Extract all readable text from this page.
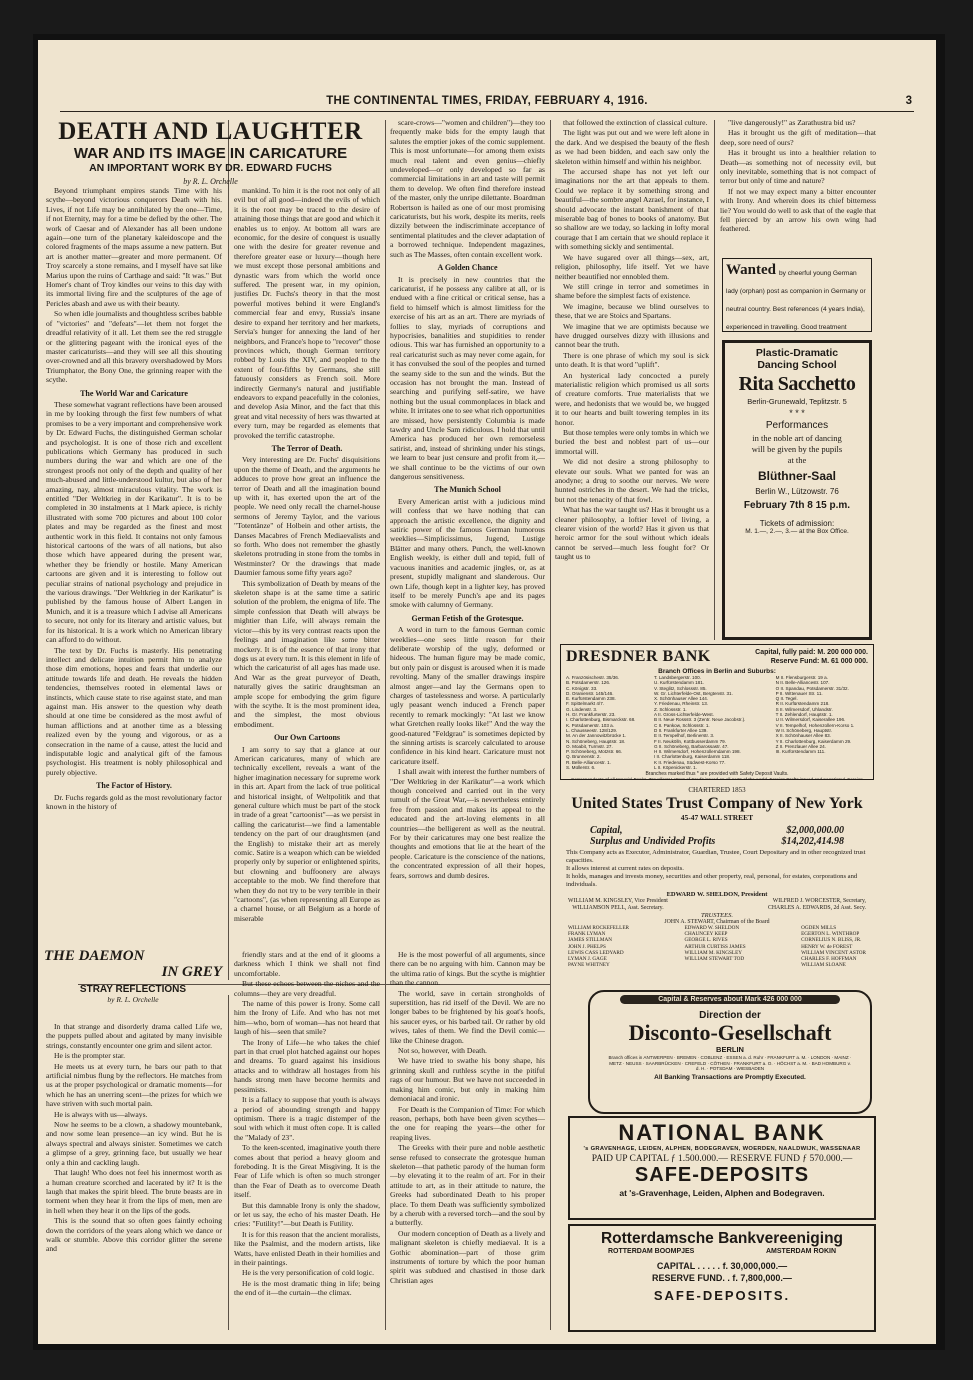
THE CONTINENTAL TIMES, FRIDAY, FEBRUARY 4, 1916.	3
DEATH AND LAUGHTER
WAR AND ITS IMAGE IN CARICATURE
AN IMPORTANT WORK BY DR. EDWARD FUCHS
by R. L. Orchelle

Beyond triumphant empires stands Time with his scythe—beyond victorious conquerors Death with his. Lives, if not Life may be annihilated by the one—Time, if not Eternity, may for a time be defied by the other. The work of Caesar and of Alexander has all been undone again—one turn of the planetary kaleidoscope and the colored fragments of the maps assume a new pattern. But art is another matter—greater and more permanent. Of Troy scarcely a stone remains, and I myself have sat like Marius upon the ruins of Carthage and said: "It was." But Homer's chant of Troy kindles our veins to this day with its immortal living fire and the sculptures of the age of Pericles abash and awe us with their beauty.

So when idle journalists and thoughtless scribes babble of "victories" and "defeats"—let them not forget the dreadful relativity of it all. Let them see the red struggle or the glittering pageant with the ironical eyes of the master caricaturists—and they will see all this shouting over-crowned and all this bravery overshadowed by Mors Triumphator, the Bony One, the grinning reaper with the scythe.

The World War and Caricature

These somewhat vagrant reflections have been aroused in me by looking through the first few numbers of what promises to be a very important and comprehensive work by Dr. Edward Fuchs, the distinguished German scholar and psychologist. It is one of those rich and excellent publications which Germany has produced in such numbers during the war and which are one of the strongest proofs not only of the depth and quality of her much-abused and little-understood kultur, but also of her amazing, nay, almost miraculous vitality. The work is entitled "Der Weltkrieg in der Karikatur". It is to be completed in 30 instalments at 1 Mark apiece, is richly illustrated with some 700 pictures and about 100 color plates and may be regarded as the finest and most authentic work in this field. It contains not only famous historical cartoons of the wars of all nations, but also those which have appeared during the present war, whether they be friendly or hostile. Many American cartoons are given and it is interesting to follow out peculiar strains of national psychology and prejudice in the various drawings. "Der Weltkrieg in der Karikatur" is published by the famous house of Albert Langen in Munich, and it is a treasure which I advise all Americans to secure, not only for its literary and artistic values, but for its historical. It is a work which no American library can afford to do without.

The text by Dr. Fuchs is masterly. His penetrating intellect and delicate intuition permit him to analyze those dim emotions, hopes and fears that underlie our attitude towards life and death. He reveals the hidden tendencies, themselves rooted in elemental laws or instincts, which cause state to rise against state, and man against man. His answer to the question why death should at one time be considered as the most awful of human afflictions and at another time as a blessing realized even by the young and vigorous, or as a consecration in the name of a cause, attest the lucid and indisputable logic and analytical gift of the famous psychologist. His treatment is nobly philosophical and purely objective.

The Factor of History.

Dr. Fuchs regards gold as the most revolutionary factor known in the history of

mankind. To him it is the root not only of all evil but of all good—indeed the evils of which it is the root may be traced to the desire of attaining those things that are good and which it enables us to enjoy. At bottom all wars are economic, for the desire of conquest is usually one with the desire for greater revenue and therefore greater ease or luxury—though here we must except those personal ambitions and dynastic wars from which the world once suffered. The present war, in my opinion, justifies Dr. Fuchs's theory in that the most powerful motives behind it were England's commercial fear and envy, Russia's insane desire to expand her territory and her markets, Servia's hunger for annexing the land of her neighbors, and France's hope to "recover" those provinces which, though German territory robbed by Louis the XIV, and peopled to the extent of four-fifths by Germans, she still fatuously considers as French soil. More indirectly Germany's natural and justifiable endeavors to expand peacefully in the colonies, and develop Asia Minor, and the fact that this great and vital necessity of hers was thwarted at every turn, may be regarded as elements that provoked the terrific catastrophe.

The Terror of Death.

Very interesting are Dr. Fuchs' disquisitions upon the theme of Death, and the arguments he adduces to prove how great an influence the terror of Death and all the imagination bound up with it, has exerted upon the art of the people. We need only recall the charnel-house sermons of Jeremy Taylor, and the various "Totentänze" of Holbein and other artists, the Danses Macabres of French Mediaevalists and so forth. Who does not remember the ghastly skeletons protruding in stone from the tombs in Westminster? Or the drawings that made Daumier famous some fifty years ago?

This symbolization of Death by means of the skeleton shape is at the same time a satiric solution of the problem, the enigma of life. The simple confession that Death will always be mightier than Life, will always remain the victor—this by its very contrast reacts upon the feelings and imagination like some bitter mockery. It is of the essence of that irony that dogs us at every turn. It is this element in life of which the caricaturist of all ages has made use. And War as the great purveyor of Death, naturally gives the satiric draughtsman an ample scope for embodying the grim figure with the scythe. It is the most prominent idea, and the simplest, the most obvious embodiment.

Our Own Cartoons

I am sorry to say that a glance at our American caricatures, many of which are technically excellent, reveals a want of the higher imagination necessary for supreme work in this art. Apart from the lack of true political and historical insight, of Weltpolitik and that general culture which must be part of the stock in trade of a great "cartoonist"—as we persist in calling the caricaturist—we find a lamentable tendency on the part of our draughtsmen (and the English) to mistake their art as merely comic. Satire is a weapon which can be wielded properly only by superior or enlightened spirits, but clowning and buffoonery are always acceptable to the mob. We find therefore that when they do not try to be very terrible in their "cartoons", (as when representing all Europe as a charnel house, or all Belgium as a horde of miserable

scare-crows—"women and children")—they too frequently make bids for the empty laugh that salutes the emptier jokes of the comic supplement. This is most unfortunate—for among them exists much real talent and even genius—chiefly undeveloped—or only developed so far as commercial limitations in art and taste will permit them to develop. We often find therefore instead of the master, only the unripe dilettante. Boardman Robertson is hailed as one of our most promising caricaturists, but his work, despite its merits, reels dizzily between the indiscriminate acceptance of sentimental platitudes and the clever adaptation of a borrowed technique. Independent magazines, such as The Masses, often contain excellent work.

A Golden Chance

It is precisely in new countries that the caricaturist, if he possess any calibre at all, or is endued with a fine critical or critical sense, has a field to himself which is almost limitless for the exercise of his art as an art. There are myriads of follies to slay, myriads of corruptions and hypocrisies, banalities and stupidities to render odious. This war has furnished an opportunity to a real caricaturist such as may never come again, for it has convulsed the soul of the peoples and turned the seamy side to the sun and the winds. But the occasion has not brought the man. Instead of searching and purifying self-satire, we have nothing but the usual commonplaces in black and white. It irritates one to see what rich opportunities are missed, how persistently Columbia is made tawdry and Uncle Sam ridiculous. I hold that until America has produced her own remorseless satirist, and, instead of shrinking under his stings, we learn to bear just censure and profit from it,—we shall continue to be the victims of our own dangerous sensitiveness.

The Munich School

Every American artist with a judicious mind will confess that we have nothing that can approach the artistic excellence, the dignity and satiric power of the famous German humorous weeklies—Simplicissimus, Jugend, Lustige Blätter and many others. Punch, the well-known English weekly, is either dull and tepid, full of vacuous inanities and academic jingles, or, as at present, stupidly malignant and slanderous. Our own Life, though kept in a lighter key, has proved itself to be merely Punch's ape and its pages smoke with calumny of Germany.

German Fetish of the Grotesque.

A word in turn to the famous German comic weeklies—one sees little reason for their deliberate worship of the ugly, deformed or hideous. The human figure may be made comic, but only pain or disgust is aroused when it is made revolting. Many of the smaller drawings inspire almost anger—and lay the Germans open to charges of tastelessness and worse. A particularly ugly peasant wench induced a French paper recently to remark mockingly: "At last we know what Gretchen really looks like!" And the way the good-natured "Feldgrau" is sometimes depicted by the sinning artists is scarcely calculated to arouse confidence in his kind heart. Caricature must not caricature itself.

I shall await with interest the further numbers of "Der Weltkrieg in der Karikatur"—a work which though conceived and carried out in the very tumult of the Great War,—is nevertheless entirely free from passion and makes its appeal to the educated and the art-loving elements in all countries—the belligerent as well as the neutral. For by their caricatures may one best realize the thoughts and emotions that lie at the heart of the people. Caricature is the conscience of the nations, the concentrated expression of all their hopes, fears, sorrows and dumb desires.

that followed the extinction of classical culture.

The light was put out and we were left alone in the dark. And we despised the beauty of the flesh as we had been bidden, and each saw only the skeleton within himself and within his neighbor.

The accursed shape has not yet left our imaginations nor the art that appeals to them. Could we replace it by something strong and beautiful—the sombre angel Azrael, for instance, I should advocate the instant banishment of that miserable bag of bones to books of anatomy. But so shallow are we today, so lacking in lofty moral courage that I am certain that we should replace it with something sickly and sentimental.

We have sugared over all things—sex, art, religion, philosophy, life itself. Yet we have neither beautified nor ennobled them.

We still cringe in terror and sometimes in shame before the simplest facts of existence.

We imagine, because we blind ourselves to these, that we are Stoics and Spartans.

We imagine that we are optimists because we have drugged ourselves dizzy with illusions and cannot bear the truth.

There is one phrase of which my soul is sick unto death. It is that word "uplift".

An hysterical lady concocted a purely materialistic religion which promised us all sorts of creature comforts. True materialists that we were, and hedonists that we would be, we hugged it to our hearts and built towering temples in its honor.

But those temples were only tombs in which we buried the best and noblest part of us—our immortal will.

We did not desire a strong philosophy to elevate our souls. What we panted for was an anodyne; a drug to soothe our nerves. We were hunted ostriches in the desert. We had the tricks, but not the tenacity of that fowl.

What has the war taught us? Has it brought us a cleaner philosophy, a loftier level of living, a clearer vision of the world? Has it given us that heroic armor for the soul without which ideals cannot be served—much less fought for? Or taught us to

"live dangerously!" as Zarathustra bid us?

Has it brought us the gift of meditation—that deep, sore need of ours?

Has it brought us into a healthier relation to Death—as something not of necessity evil, but only inevitable, something that is not compact of terror but only of time and nature?

If not we may expect many a bitter encounter with Irony. And wherein does its chief bitterness lie? You would do well to ask that of the eagle that fell pierced by an arrow his own wing had feathered.

Wanted by cheerful young German lady (orphan) post as companion in Germany or neutral country. Best references (4 years India), experienced in travelling. Good treatment
Plastic-Dramatic
Dancing School
Rita Sacchetto
Berlin-Grunewald, Teplitzstr. 5
* * *
Performances
in the noble art of dancing
will be given by the pupils
at the
Blüthner-Saal
Berlin W., Lützowstr. 76
February 7th 8 15 p.m.
Tickets of admission:
M. 1.—, 2.—, 3.— at the Box Office.
DRESDNER BANK	Capital, fully paid: M. 200 000 000.
Reserve Fund: M. 61 000 000.
Branch Offices in Berlin and Suburbs:
A. Französischestr. 35/36.
B. Potsdamerstr. 126.
C. Königstr. 33.
D. Oranienstr. 145/146.
E. Kurfürstendamm 238.
F. Spittelmarkt 4/7.
G. Lindenstr. 3.
H. Gr. Frankfurterstr. 23.
I. Charlottenburg, Bismarckstr. 68.
K. Potsdamerstr. 103 a.
L. Chausseestr. 128/129.
M. An der Jannowitzbrücke 1.
N. Schöneberg, Hauptstr. 18.
O. Moabit, Turmstr. 27.
P. Schöneberg, Motzstr. 66.
Q. Brunnenstr. 2.
R. Belle-Alliancestr. 1.
S. Müllerstr. 6.
T. Landsbergerstr. 100.
U. Kurfürstendamm 181.
V. Steglitz, Schlossstr. 85.
W. Gr. Lichterfelde-Ost, Bergtenstr. 31.
X. Schönhauser Allee 144.
Y. Friedenau, Rheinstr. 13.
Z. Schlossstr. 1.
A II. Gross-Lichterfelde-West.
B II. Neue Rossstr. 3 (Zentr. Neue Jacobstr.).
C II. Pankow, Schlossstr. 1.
D II. Frankfurter Allee 139.
E II. Tempelhof, Berlinerstr. 3.
F II. Neukölln, Kottbusserdamm 79.
G II. Schöneberg, Barbarossastr. 47.
H II. Wilmersdorf, Hohenzollerndamm 198.
I II. Charlottenburg, Kaiserdamm 118.
K II. Friedenau, Südwest-Korso 77.
L II. Köpenickerstr. 1.
M II. Flensburgerstr. 19 a.
N II. Belle-Alliancestr. 107.
O II. Spandau, Potsdamerstr. 31/32.
P II. Wittenauer Str. 11.
Q II. Tegel.
R II. Kurfürstendamm 218.
S II. Wilmersdorf, Uhlandstr.
T II. Zehlendorf, Hauptstr. 1.
U II. Wilmersdorf, Kaiserallee 196.
V II. Tempelhof, Hohenzollern-Korso 1.
W II. Schöneberg, Hauptstr.
X II. Schönhauser Allee 83.
Y II. Charlottenburg, Kaiserdamm 29.
Z II. Prenzlauer Allee 24.
III. Kurfürstendamm 111.
Branches marked thus * are provided with Safety Deposit Vaults.
Correspondents of all Imperial Banks. Travellers' Letters of Credit issued on all parts of the world. Foreign Drafts issued and negotiated. Foreign
CHARTERED 1853
United States Trust Company of New York
45-47 WALL STREET
Capital,	$2,000,000.00
Surplus and Undivided Profits	$14,202,414.98
This Company acts as Executor, Administrator, Guardian, Trustee, Court Depositary and in other recognized trust capacities.
It allows interest at current rates on deposits.
It holds, manages and invests money, securities and other property, real, personal, for estates, corporations and individuals.
EDWARD W. SHELDON, President
WILLIAM M. KINGSLEY, Vice President
WILLIAMSON PELL, Asst. Secretary.
WILFRED J. WORCESTER, Secretary,
CHARLES A. EDWARDS, 2d Asst. Secy.
TRUSTEES.
JOHN A. STEWART, Chairman of the Board
WILLIAM ROCKEFELLER
FRANK LYMAN
JAMES STILLMAN
JOHN J. PHELPS
LEWIS CASS LEDYARD
LYMAN J. GAGE
PAYNE WHITNEY
EDWARD W. SHELDON
CHAUNCEY KEEP
GEORGE L. RIVES
ARTHUR CURTISS JAMES
WILLIAM M. KINGSLEY
WILLIAM STEWART TOD
OGDEN MILLS
EGERTON L. WINTHROP
CORNELIUS N. BLISS, JR.
HENRY W. de FOREST
WILLIAM VINCENT ASTOR
CHARLES F. HOFFMAN
WILLIAM SLOANE
Capital & Reserves about Mark 426 000 000
Direction der
Disconto-Gesellschaft
BERLIN
Branch offices in ANTWERPEN · BREMEN · COBLENZ · ESSEN a. d. Ruhr · FRANKFURT a. M. · LONDON · MAINZ · METZ · NEUSS · SAARBRÜCKEN · CREFELD · CÖTHEN · FRANKFURT a. O. · HÖCHST a. M. · BAD HOMBURG v. d. H. · POTSDAM · WIESBADEN
All Banking Transactions are Promptly Executed.
NATIONAL BANK
's GRAVENHAGE, LEIDEN, ALPHEN, BODEGRAVEN, WOERDEN, NAALDWIJK, WASSENAAR
PAID UP CAPITAL ƒ 1.500.000.— RESERVE FUND ƒ 570.000.—
SAFE-DEPOSITS
at 's-Gravenhage, Leiden, Alphen and Bodegraven.
Rotterdamsche Bankvereeniging
ROTTERDAM BOOMPJES	AMSTERDAM ROKIN
CAPITAL . . . . . f. 30,000,000.—
RESERVE FUND. . f. 7,800,000.—
SAFE-DEPOSITS.
THE DAEMON
IN GREY
STRAY REFLECTIONS
by R. L. Orchelle

In that strange and disorderly drama called Life we, the puppets pulled about and agitated by many invisible strings, constantly encounter one grim and silent actor.

He is the prompter star.

He meets us at every turn, he bars our path to that artificial nimbus flung by the reflectors. He matches from us at the proper psychological or dramatic moments—for which he has an unerring scent—the prizes for which we have striven with such mortal pain.

He is always with us—always.

Now he seems to be a clown, a shadowy mountebank, and now some lean presence—an icy wind. But he is always spectral and always sinister. Sometimes we catch a glimpse of a grey, grinning face, but usually we hear only a thin and cackling laugh.

That laugh! Who does not feel his innermost worth as a human creature scorched and lacerated by it? It is the laugh that makes the spirit bleed. The brute beasts are in torment when they hear it from the lips of men, men are in hell when they hear it on the lips of the gods.

This is the sound that so often goes faintly echoing down the corridors of the years along which we dance or walk or stumble. Above this corridor glitter the serene and

friendly stars and at the end of it glooms a darkness which I think we shall not find uncomfortable.

But these echoes between the niches and the columns—they are very dreadful.

The name of this power is Irony. Some call him the Irony of Life. And who has not met him—who, born of woman—has not heard that laugh of his—seen that smile?

The Irony of Life—he who takes the chief part in that cruel plot hatched against our hopes and dreams. To guard against his insidious attacks and to withdraw all hostages from his hands strong men have become hermits and pessimists.

It is a fallacy to suppose that youth is always a period of abounding strength and happy optimism. There is a tragic distemper of the soul with which it must often cope. It is called the "Malady of 23".

To the keen-scented, imaginative youth there comes about that period a heavy gloom and foreboding. It is the Great Misgiving. It is the Fear of Life which is often so much stronger than the Fear of Death as to overcome Death itself.

But this damnable Irony is only the shadow, or let us say, the echo of his master Death. He cries: "Futility!"—but Death is Futility.

It is for this reason that the ancient moralists, like the Psalmist, and the modern artists, like Watts, have enlisted Death in their homilies and in their paintings.

He is the very personification of cold logic.

He is the most dramatic thing in life; being the end of it—the curtain—the climax.

He is the most powerful of all arguments, since there can be no arguing with him. Cannon may be the ultima ratio of kings. But the scythe is mightier than the cannon.

The world, save in certain strongholds of superstition, has rid itself of the Devil. We are no longer babes to be frightened by his goat's hoofs, his saucer eyes, or his barbed tail. Or rather by old wives, tales of them. We find the Devil comic—like the Chinese dragon.

Not so, however, with Death.

We have tried to swathe his bony shape, his grinning skull and ruthless scythe in the pitiful rags of our humour. But we have not succeeded in making him comic, but only in making him demoniacal and ironic.

For Death is the Companion of Time: For which reason, perhaps, both have been given scythes—the one for reaping the years—the other for reaping lives.

The Greeks with their pure and noble aesthetic sense refused to consecrate the grotesque human skeleton—that pathetic parody of the human form—by elevating it to the realm of art. For in their attitude to art, as in their attitude to nature, the Greeks had subordinated Death to his proper place. To them Death was sufficiently symbolized by a cherub with a reversed torch—and the soul by a butterfly.

Our modern conception of Death as a lively and malignant skeleton is chiefly mediaeval. It is a Gothic abomination—part of those grim instruments of torture by which the poor human spirit was subdued and chastised in those dark Christian ages
